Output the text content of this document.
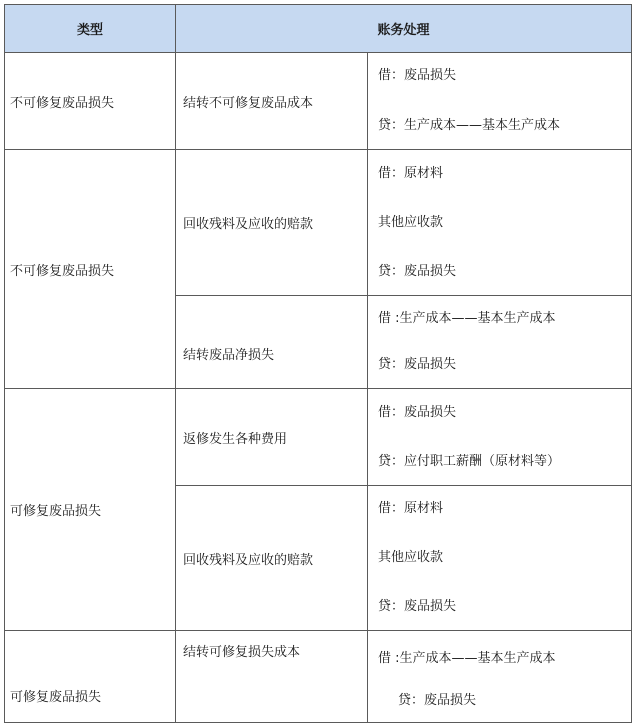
类型	账务处理	
不可修复废品损失	结转不可修复废品成本	借：废品损失
贷：生产成本——基本生产成本

不可修复废品损失	回收残料及应收的赔款	借：原材料
其他应收款
贷：废品损失

	结转废品净损失	借 :生产成本——基本生产成本
贷：废品损失

可修复废品损失	返修发生各种费用	借：废品损失
贷：应付职工薪酬（原材料等）

	回收残料及应收的赔款	借：原材料
其他应收款
贷：废品损失

可修复废品损失	结转可修复损失成本	借 :生产成本——基本生产成本
贷：废品损失
